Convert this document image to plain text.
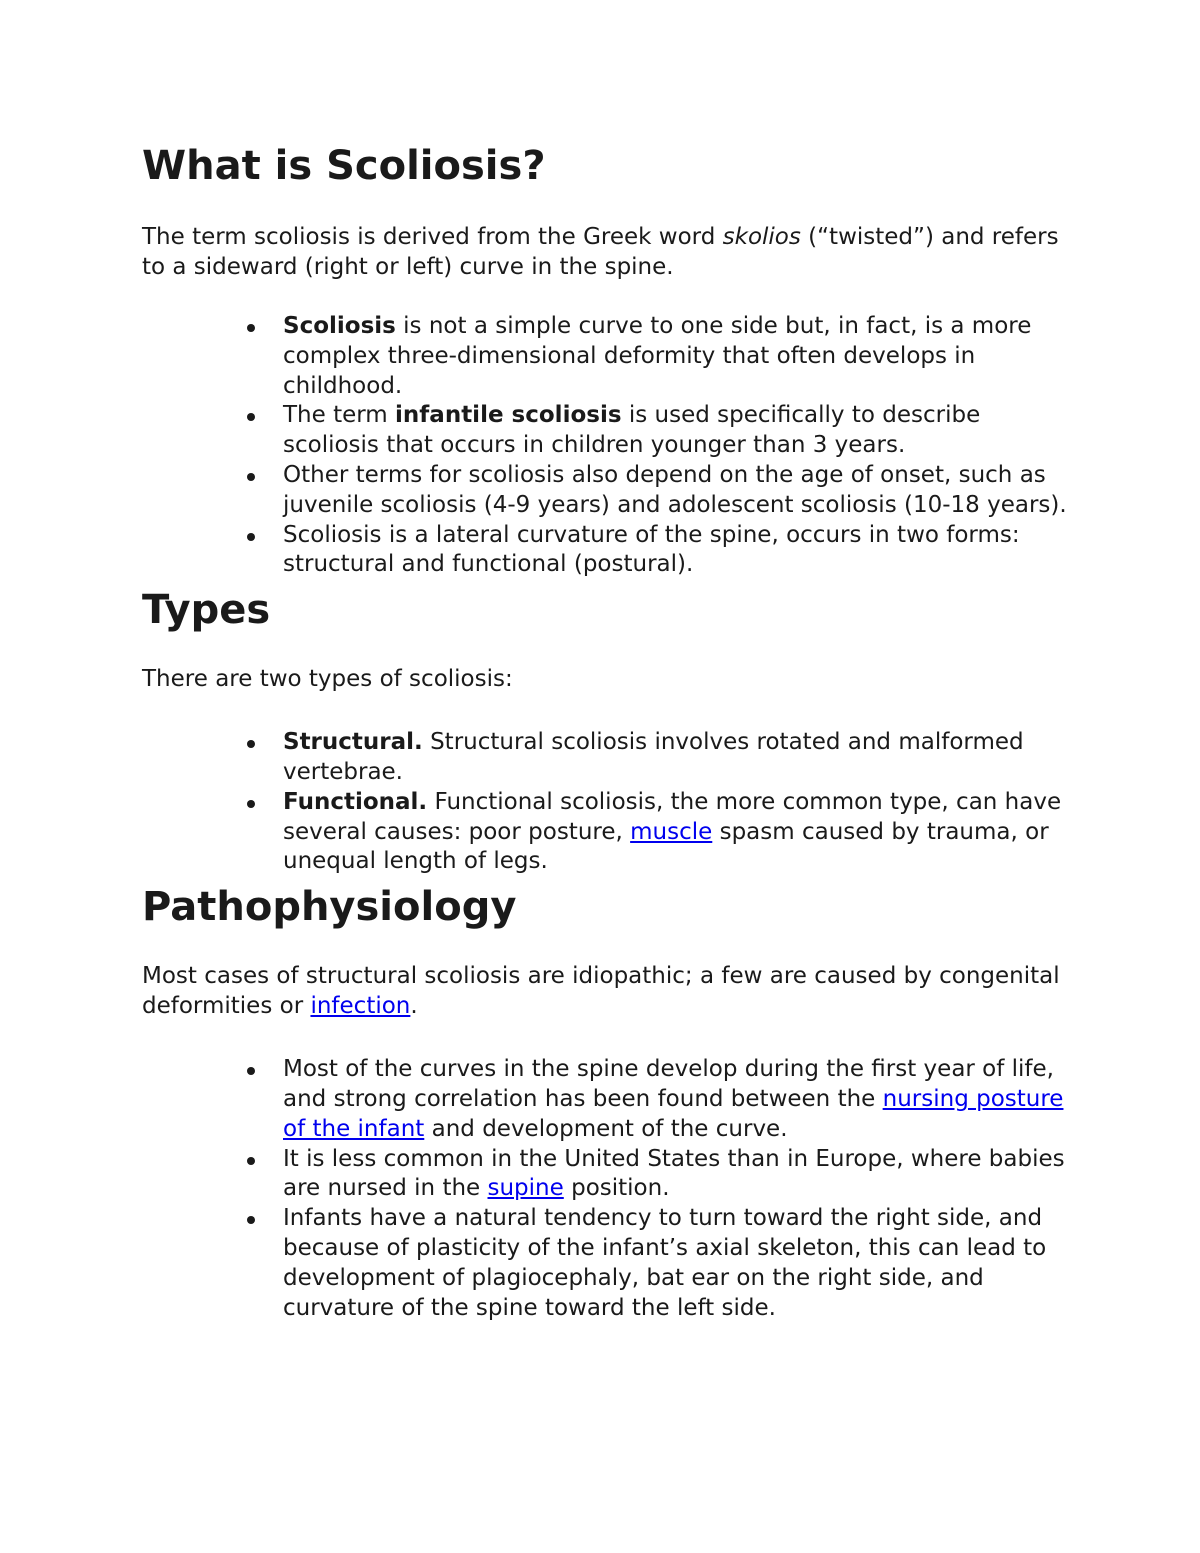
What is Scoliosis?

The term scoliosis is derived from the Greek word skolios (“twisted”) and refers to a sideward (right or left) curve in the spine.

Scoliosis is not a simple curve to one side but, in fact, is a more complex three-dimensional deformity that often develops in childhood.
The term infantile scoliosis is used specifically to describe scoliosis that occurs in children younger than 3 years.
Other terms for scoliosis also depend on the age of onset, such as juvenile scoliosis (4-9 years) and adolescent scoliosis (10-18 years).
Scoliosis is a lateral curvature of the spine, occurs in two forms: structural and functional (postural).
Types

There are two types of scoliosis:

Structural. Structural scoliosis involves rotated and malformed vertebrae.
Functional. Functional scoliosis, the more common type, can have several causes: poor posture, muscle spasm caused by trauma, or unequal length of legs.
Pathophysiology

Most cases of structural scoliosis are idiopathic; a few are caused by congenital deformities or infection.

Most of the curves in the spine develop during the first year of life, and strong correlation has been found between the nursing posture of the infant and development of the curve.
It is less common in the United States than in Europe, where babies are nursed in the supine position.
Infants have a natural tendency to turn toward the right side, and because of plasticity of the infant’s axial skeleton, this can lead to development of plagiocephaly, bat ear on the right side, and curvature of the spine toward the left side.
